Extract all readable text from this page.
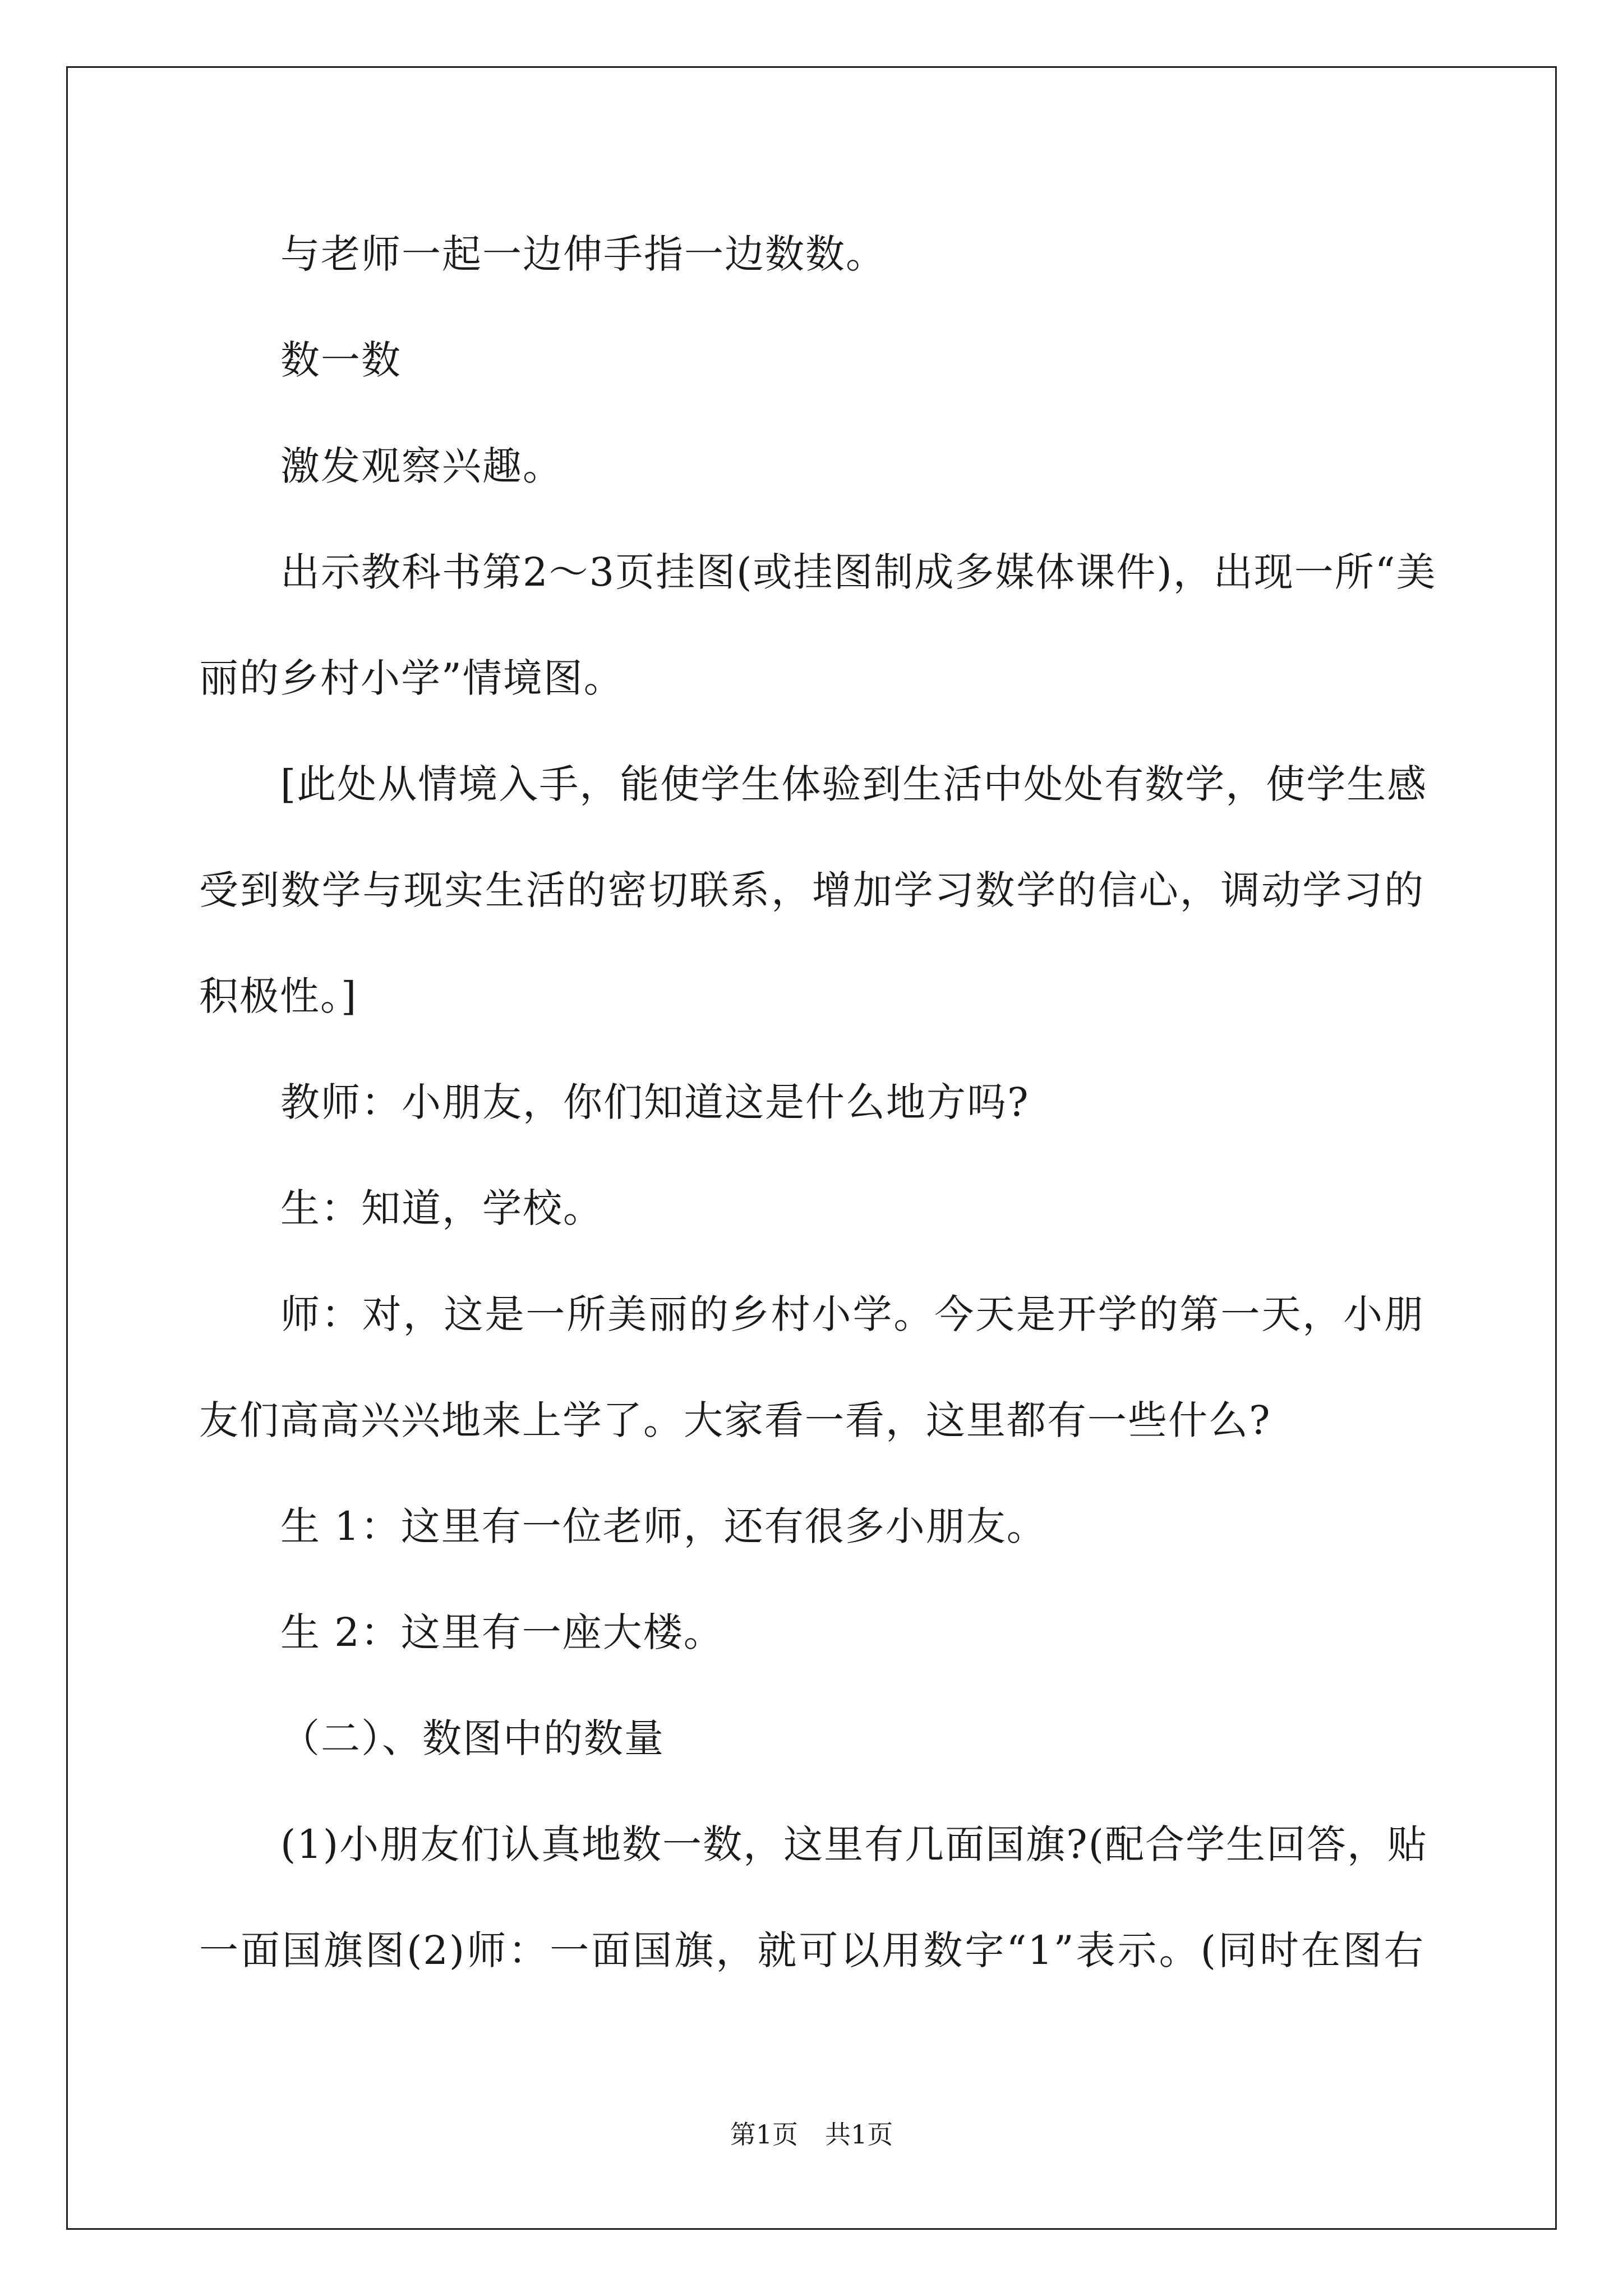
与老师一起一边伸手指一边数数。
数一数
激发观察兴趣。
出示教科书第2～3页挂图(或挂图制成多媒体课件)，出现一所“美
丽的乡村小学”情境图。
[此处从情境入手，能使学生体验到生活中处处有数学，使学生感
受到数学与现实生活的密切联系，增加学习数学的信心，调动学习的
积极性。]
教师：小朋友，你们知道这是什么地方吗?
生：知道，学校。
师：对，这是一所美丽的乡村小学。今天是开学的第一天，小朋
友们高高兴兴地来上学了。大家看一看，这里都有一些什么?
生 1：这里有一位老师，还有很多小朋友。
生 2：这里有一座大楼。
（二）、数图中的数量
(1)小朋友们认真地数一数，这里有几面国旗?(配合学生回答，贴
一面国旗图(2)师：一面国旗，就可以用数字“1”表示。(同时在图右
第1页 共1页
